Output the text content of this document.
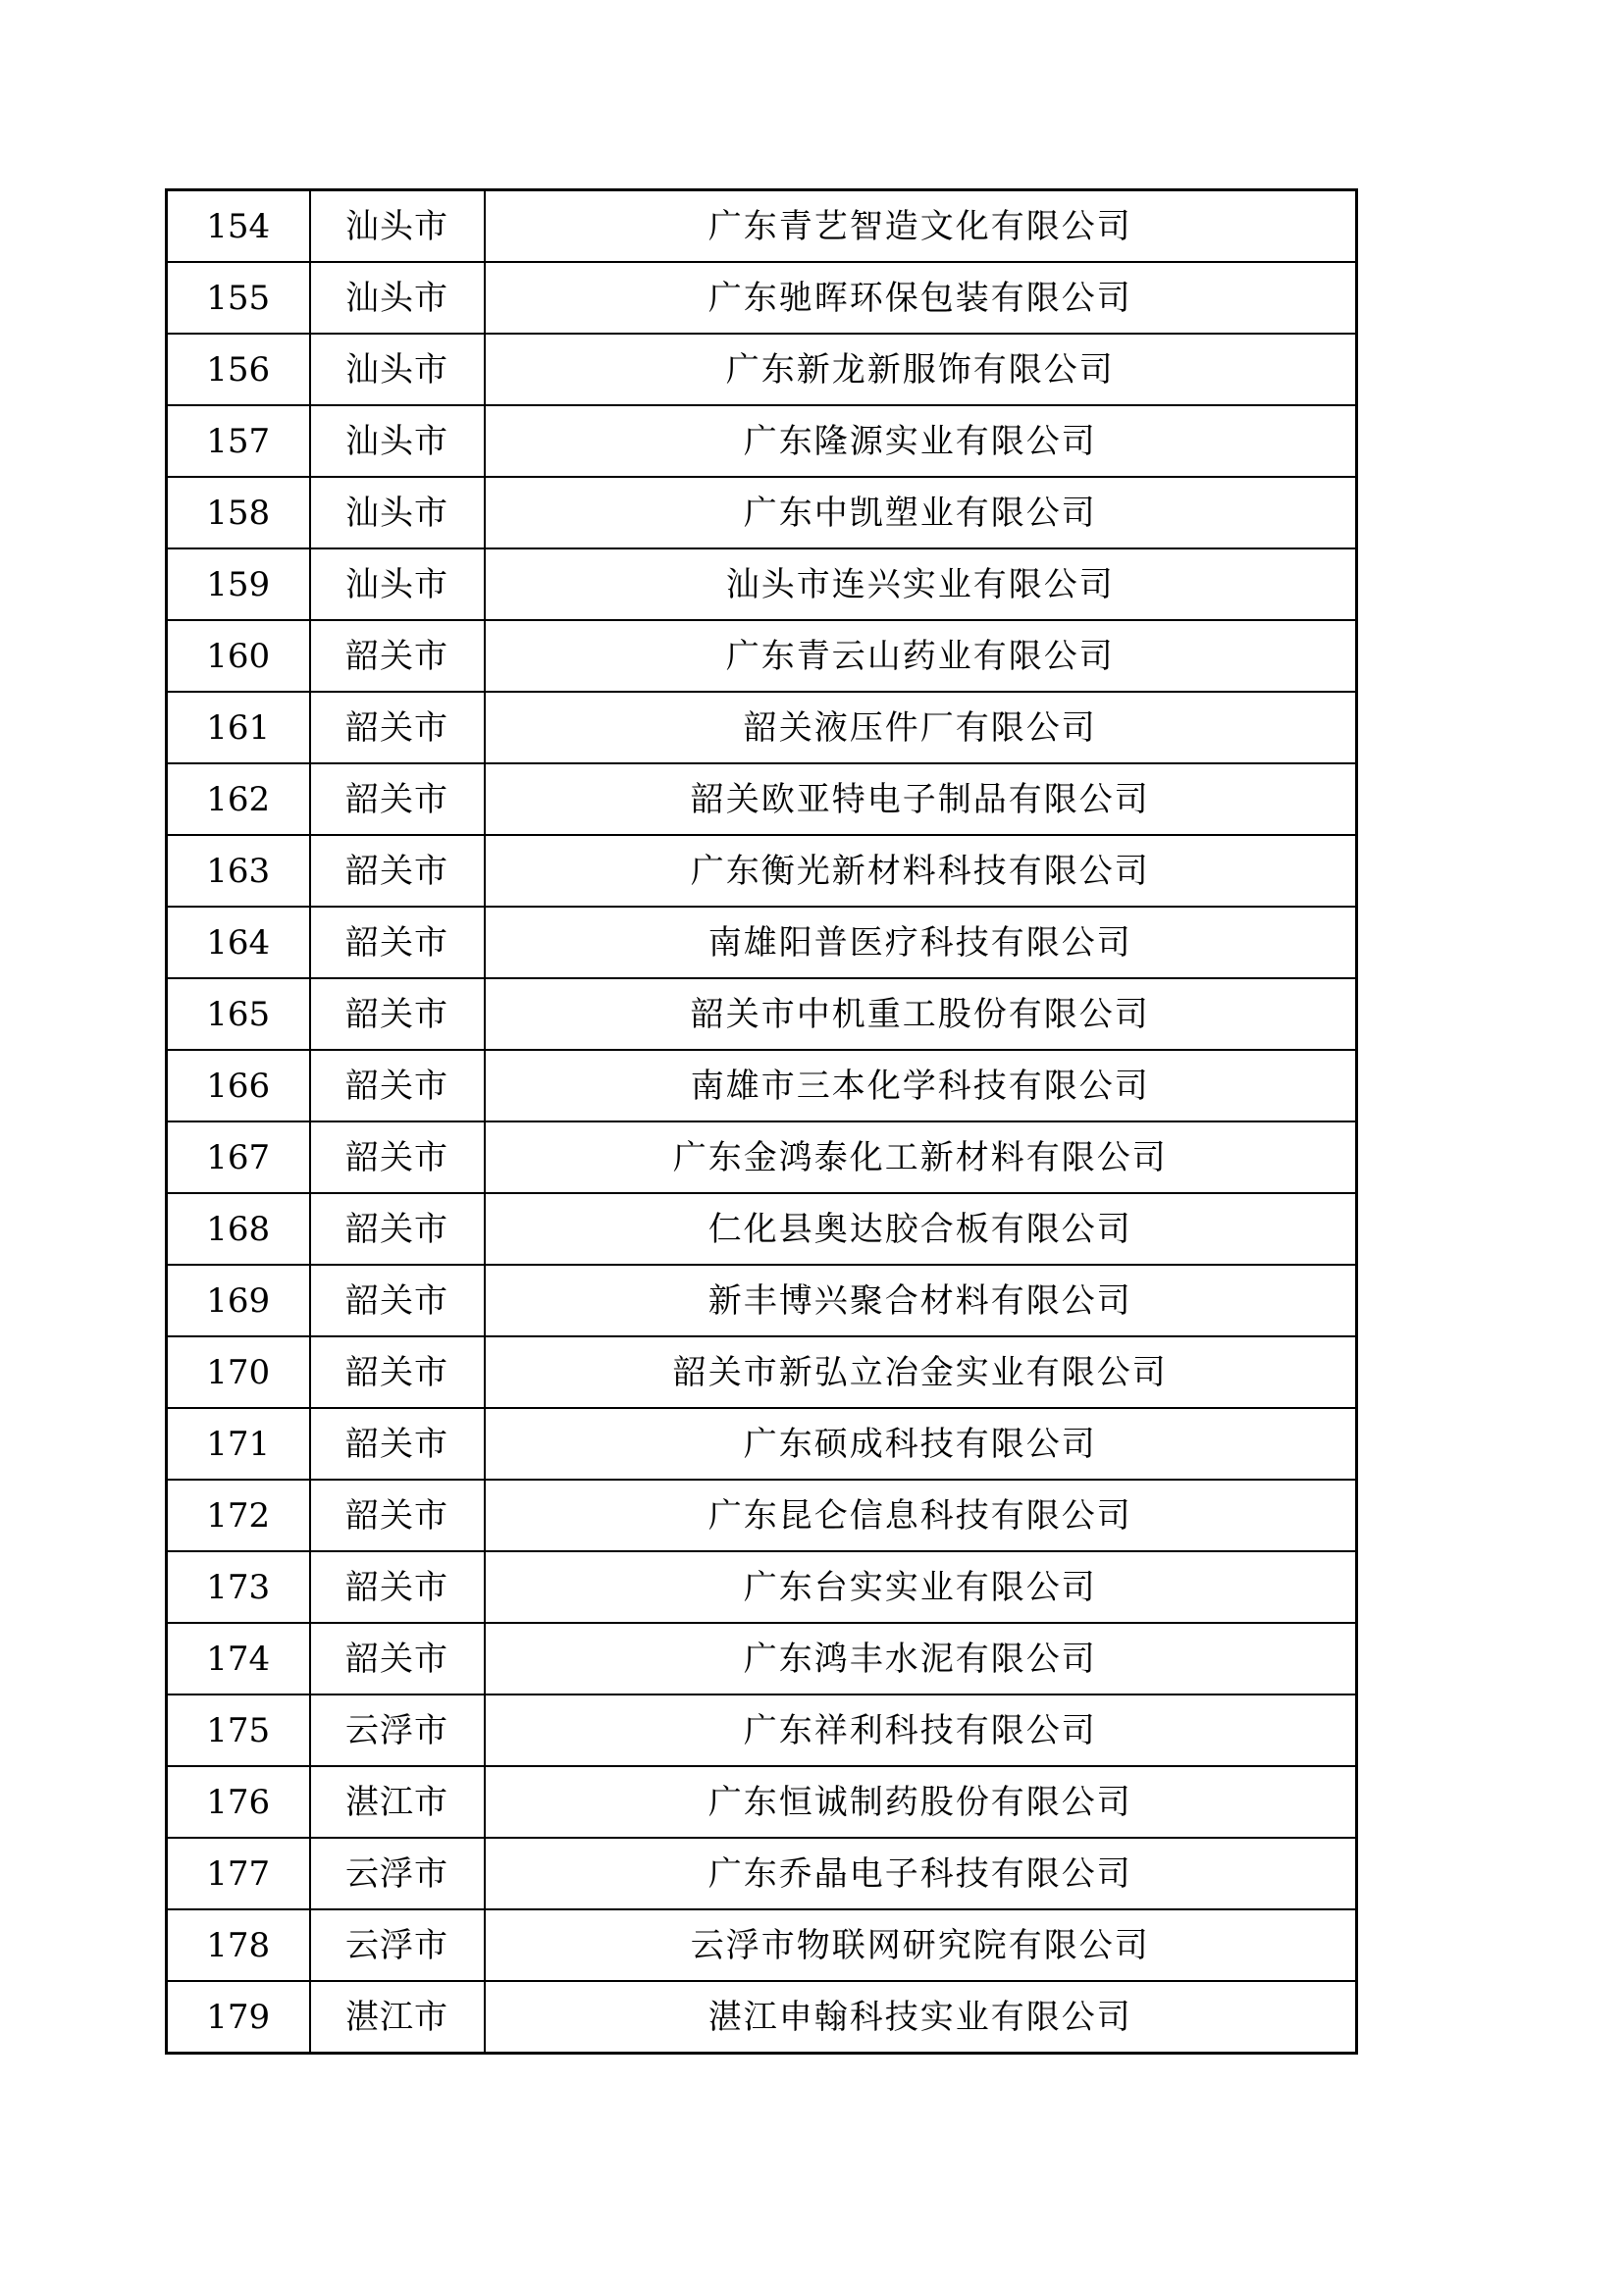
154	汕头市	广东青艺智造文化有限公司
155	汕头市	广东驰晖环保包装有限公司
156	汕头市	广东新龙新服饰有限公司
157	汕头市	广东隆源实业有限公司
158	汕头市	广东中凯塑业有限公司
159	汕头市	汕头市连兴实业有限公司
160	韶关市	广东青云山药业有限公司
161	韶关市	韶关液压件厂有限公司
162	韶关市	韶关欧亚特电子制品有限公司
163	韶关市	广东衡光新材料科技有限公司
164	韶关市	南雄阳普医疗科技有限公司
165	韶关市	韶关市中机重工股份有限公司
166	韶关市	南雄市三本化学科技有限公司
167	韶关市	广东金鸿泰化工新材料有限公司
168	韶关市	仁化县奥达胶合板有限公司
169	韶关市	新丰博兴聚合材料有限公司
170	韶关市	韶关市新弘立冶金实业有限公司
171	韶关市	广东硕成科技有限公司
172	韶关市	广东昆仑信息科技有限公司
173	韶关市	广东台实实业有限公司
174	韶关市	广东鸿丰水泥有限公司
175	云浮市	广东祥利科技有限公司
176	湛江市	广东恒诚制药股份有限公司
177	云浮市	广东乔晶电子科技有限公司
178	云浮市	云浮市物联网研究院有限公司
179	湛江市	湛江申翰科技实业有限公司
